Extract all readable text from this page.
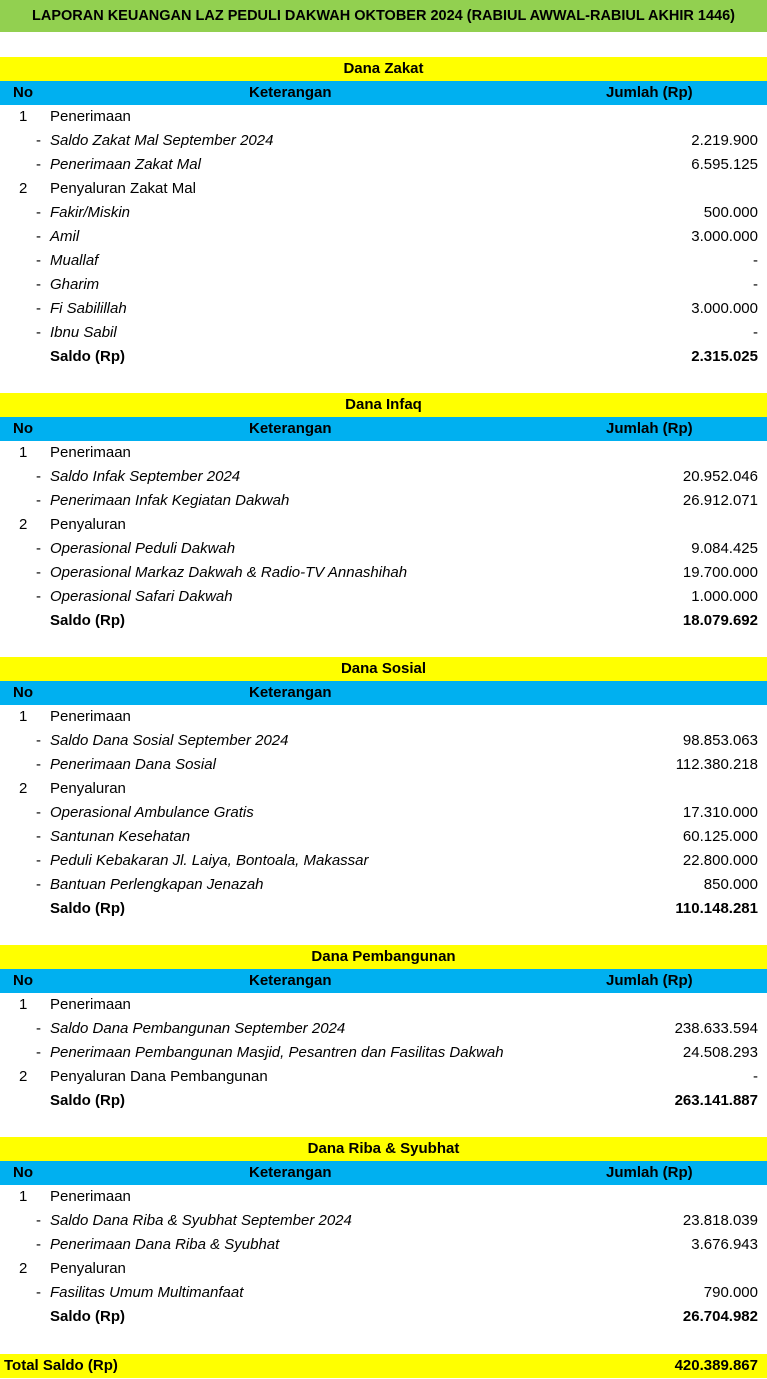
LAPORAN KEUANGAN LAZ PEDULI DAKWAH OKTOBER 2024 (RABIUL AWWAL-RABIUL AKHIR 1446)
Dana Zakat
No	Keterangan	Jumlah (Rp)
1 Penerimaan
- Saldo Zakat Mal September 2024	2.219.900
- Penerimaan Zakat Mal	6.595.125
2 Penyaluran Zakat Mal
- Fakir/Miskin	500.000
- Amil	3.000.000
- Muallaf	-
- Gharim	-
- Fi Sabilillah	3.000.000
- Ibnu Sabil	-
Saldo (Rp)	2.315.025
Dana Infaq
No	Keterangan	Jumlah (Rp)
1 Penerimaan
- Saldo Infak September 2024	20.952.046
- Penerimaan Infak Kegiatan Dakwah	26.912.071
2 Penyaluran
- Operasional Peduli Dakwah	9.084.425
- Operasional Markaz Dakwah & Radio-TV Annashihah	19.700.000
- Operasional Safari Dakwah	1.000.000
Saldo (Rp)	18.079.692
Dana Sosial
No	Keterangan
1 Penerimaan
- Saldo Dana Sosial September 2024	98.853.063
- Penerimaan Dana Sosial	112.380.218
2 Penyaluran
- Operasional Ambulance Gratis	17.310.000
- Santunan Kesehatan	60.125.000
- Peduli Kebakaran Jl. Laiya, Bontoala, Makassar	22.800.000
- Bantuan Perlengkapan Jenazah	850.000
Saldo (Rp)	110.148.281
Dana Pembangunan
No	Keterangan	Jumlah (Rp)
1 Penerimaan
- Saldo Dana Pembangunan September 2024	238.633.594
- Penerimaan Pembangunan Masjid, Pesantren dan Fasilitas Dakwah	24.508.293
2 Penyaluran Dana Pembangunan	-
Saldo (Rp)	263.141.887
Dana Riba & Syubhat
No	Keterangan	Jumlah (Rp)
1 Penerimaan
- Saldo Dana Riba & Syubhat September 2024	23.818.039
- Penerimaan Dana Riba & Syubhat	3.676.943
2 Penyaluran
- Fasilitas Umum Multimanfaat	790.000
Saldo (Rp)	26.704.982
Total Saldo (Rp)	420.389.867
